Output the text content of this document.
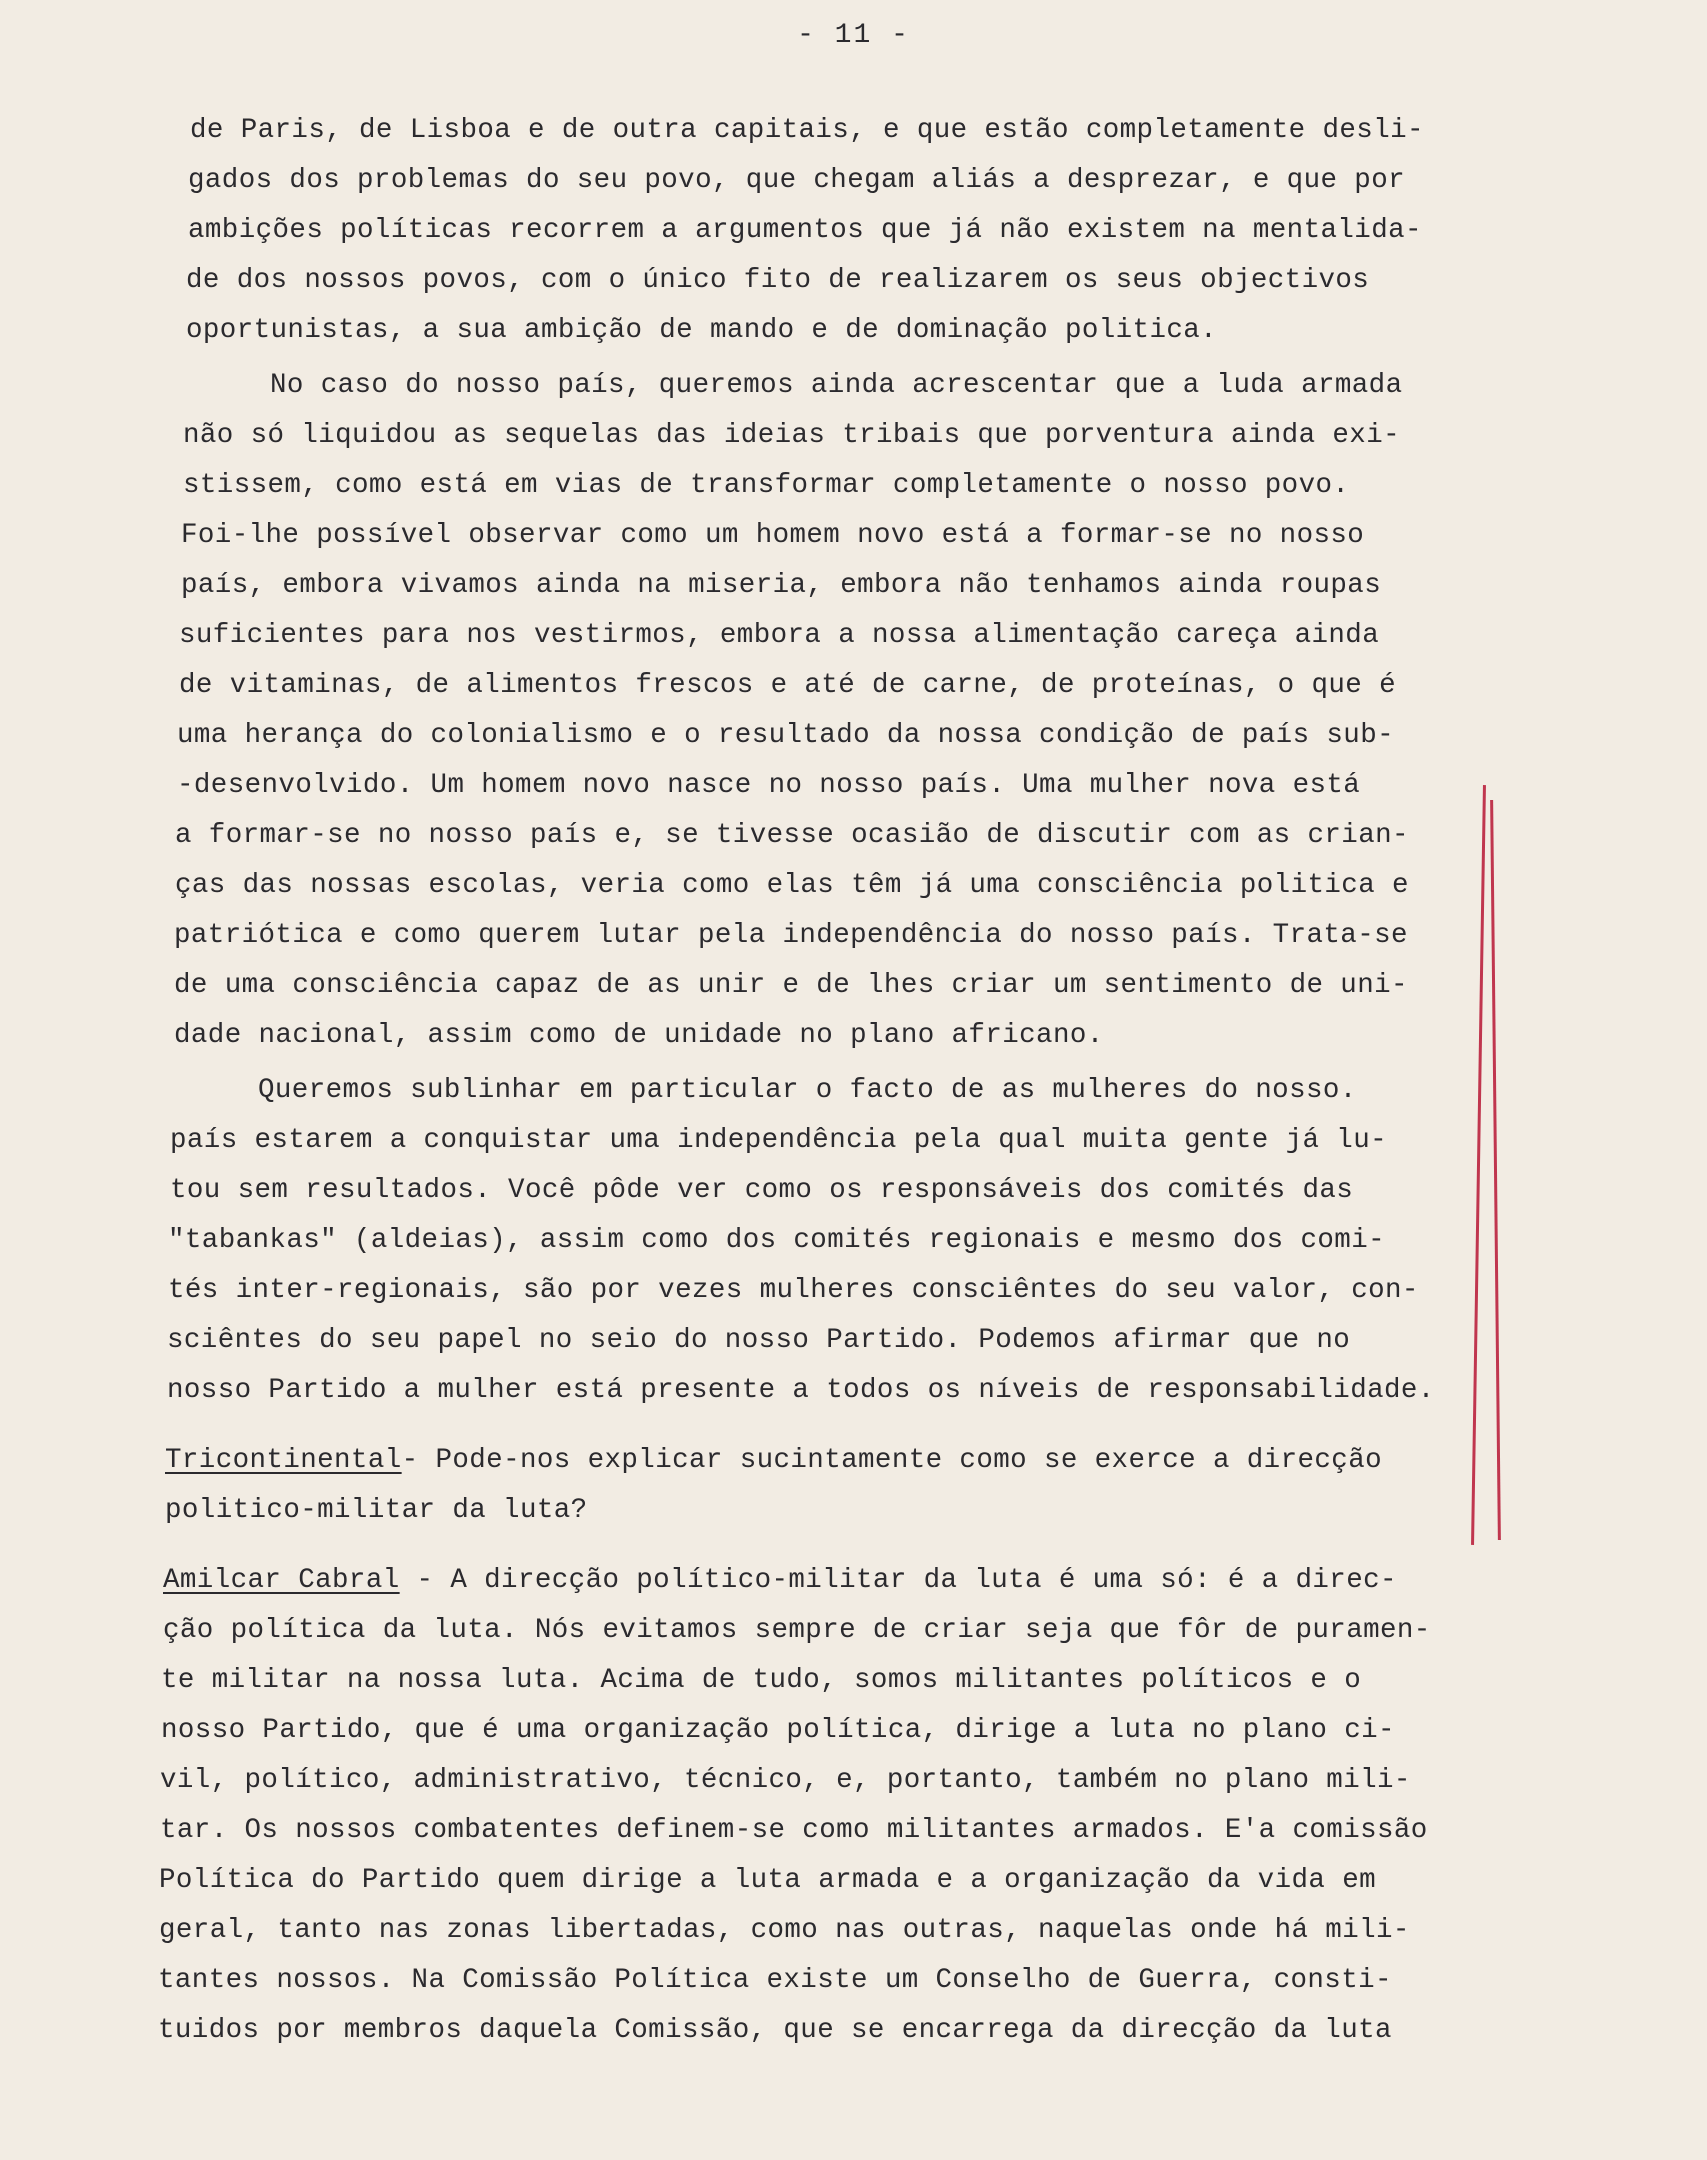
- 11 -
de Paris, de Lisboa e de outra capitais, e que estão completamente desli-
gados dos problemas do seu povo, que chegam aliás a desprezar, e que por
ambições políticas recorrem a argumentos que já não existem na mentalida-
de dos nossos povos, com o único fito de realizarem os seus objectivos
oportunistas, a sua ambição de mando e de dominação politica.
No caso do nosso país, queremos ainda acrescentar que a luda armada
não só liquidou as sequelas das ideias tribais que porventura ainda exi-
stissem, como está em vias de transformar completamente o nosso povo.
Foi-lhe possível observar como um homem novo está a formar-se no nosso
país, embora vivamos ainda na miseria, embora não tenhamos ainda roupas
suficientes para nos vestirmos, embora a nossa alimentação careça ainda
de vitaminas, de alimentos frescos e até de carne, de proteínas, o que é
uma herança do colonialismo e o resultado da nossa condição de país sub-
-desenvolvido. Um homem novo nasce no nosso país. Uma mulher nova está
a formar-se no nosso país e, se tivesse ocasião de discutir com as crian-
ças das nossas escolas, veria como elas têm já uma consciência politica e
patriótica e como querem lutar pela independência do nosso país. Trata-se
de uma consciência capaz de as unir e de lhes criar um sentimento de uni-
dade nacional, assim como de unidade no plano africano.
Queremos sublinhar em particular o facto de as mulheres do nosso.
país estarem a conquistar uma independência pela qual muita gente já lu-
tou sem resultados. Você pôde ver como os responsáveis dos comités das
"tabankas" (aldeias), assim como dos comités regionais e mesmo dos comi-
tés inter-regionais, são por vezes mulheres consciêntes do seu valor, con-
sciêntes do seu papel no seio do nosso Partido. Podemos afirmar que no
nosso Partido a mulher está presente a todos os níveis de responsabilidade.
Tricontinental- Pode-nos explicar sucintamente como se exerce a direcção
politico-militar da luta?
Amilcar Cabral - A direcção político-militar da luta é uma só: é a direc-
ção política da luta. Nós evitamos sempre de criar seja que fôr de puramen-
te militar na nossa luta. Acima de tudo, somos militantes políticos e o
nosso Partido, que é uma organização política, dirige a luta no plano ci-
vil, político, administrativo, técnico, e, portanto, também no plano mili-
tar. Os nossos combatentes definem-se como militantes armados. E'a comissão
Política do Partido quem dirige a luta armada e a organização da vida em
geral, tanto nas zonas libertadas, como nas outras, naquelas onde há mili-
tantes nossos. Na Comissão Política existe um Conselho de Guerra, consti-
tuidos por membros daquela Comissão, que se encarrega da direcção da luta
